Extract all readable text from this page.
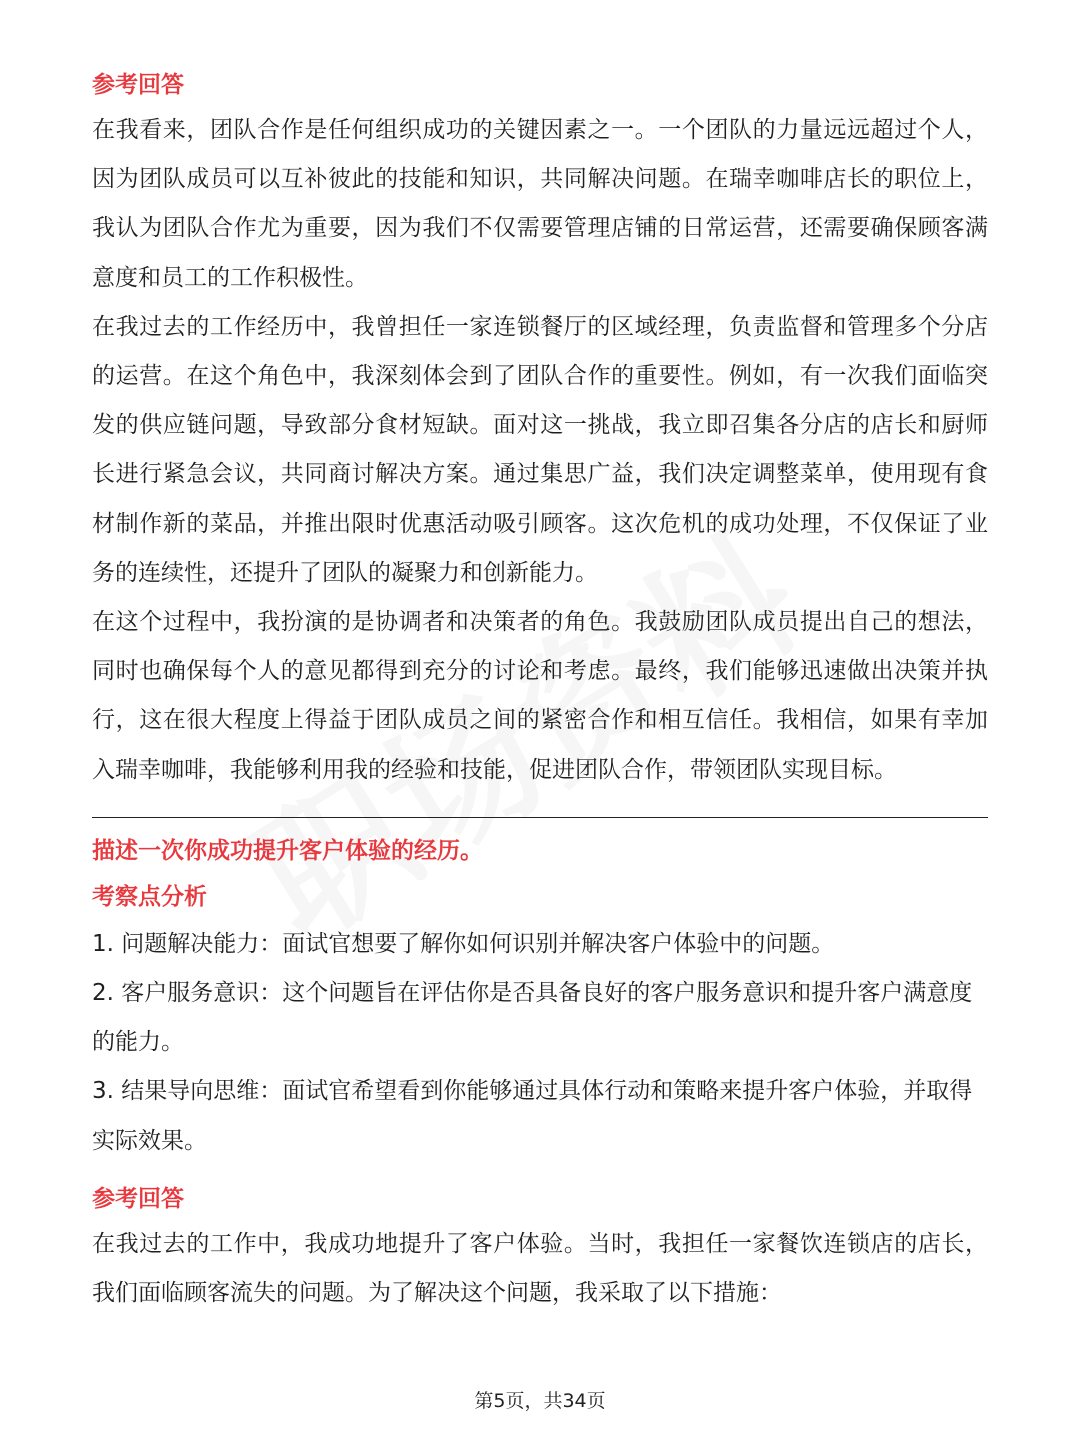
参考回答

在我看来，团队合作是任何组织成功的关键因素之一。一个团队的力量远远超过个人，因为团队成员可以互补彼此的技能和知识，共同解决问题。在瑞幸咖啡店长的职位上，我认为团队合作尤为重要，因为我们不仅需要管理店铺的日常运营，还需要确保顾客满意度和员工的工作积极性。

在我过去的工作经历中，我曾担任一家连锁餐厅的区域经理，负责监督和管理多个分店的运营。在这个角色中，我深刻体会到了团队合作的重要性。例如，有一次我们面临突发的供应链问题，导致部分食材短缺。面对这一挑战，我立即召集各分店的店长和厨师长进行紧急会议，共同商讨解决方案。通过集思广益，我们决定调整菜单，使用现有食材制作新的菜品，并推出限时优惠活动吸引顾客。这次危机的成功处理，不仅保证了业务的连续性，还提升了团队的凝聚力和创新能力。

在这个过程中，我扮演的是协调者和决策者的角色。我鼓励团队成员提出自己的想法，同时也确保每个人的意见都得到充分的讨论和考虑。最终，我们能够迅速做出决策并执行，这在很大程度上得益于团队成员之间的紧密合作和相互信任。我相信，如果有幸加入瑞幸咖啡，我能够利用我的经验和技能，促进团队合作，带领团队实现目标。

描述一次你成功提升客户体验的经历。
考察点分析

1. 问题解决能力：面试官想要了解你如何识别并解决客户体验中的问题。

2. 客户服务意识：这个问题旨在评估你是否具备良好的客户服务意识和提升客户满意度的能力。

3. 结果导向思维：面试官希望看到你能够通过具体行动和策略来提升客户体验，并取得实际效果。

参考回答

在我过去的工作中，我成功地提升了客户体验。当时，我担任一家餐饮连锁店的店长，我们面临顾客流失的问题。为了解决这个问题，我采取了以下措施：

第5页，共34页
